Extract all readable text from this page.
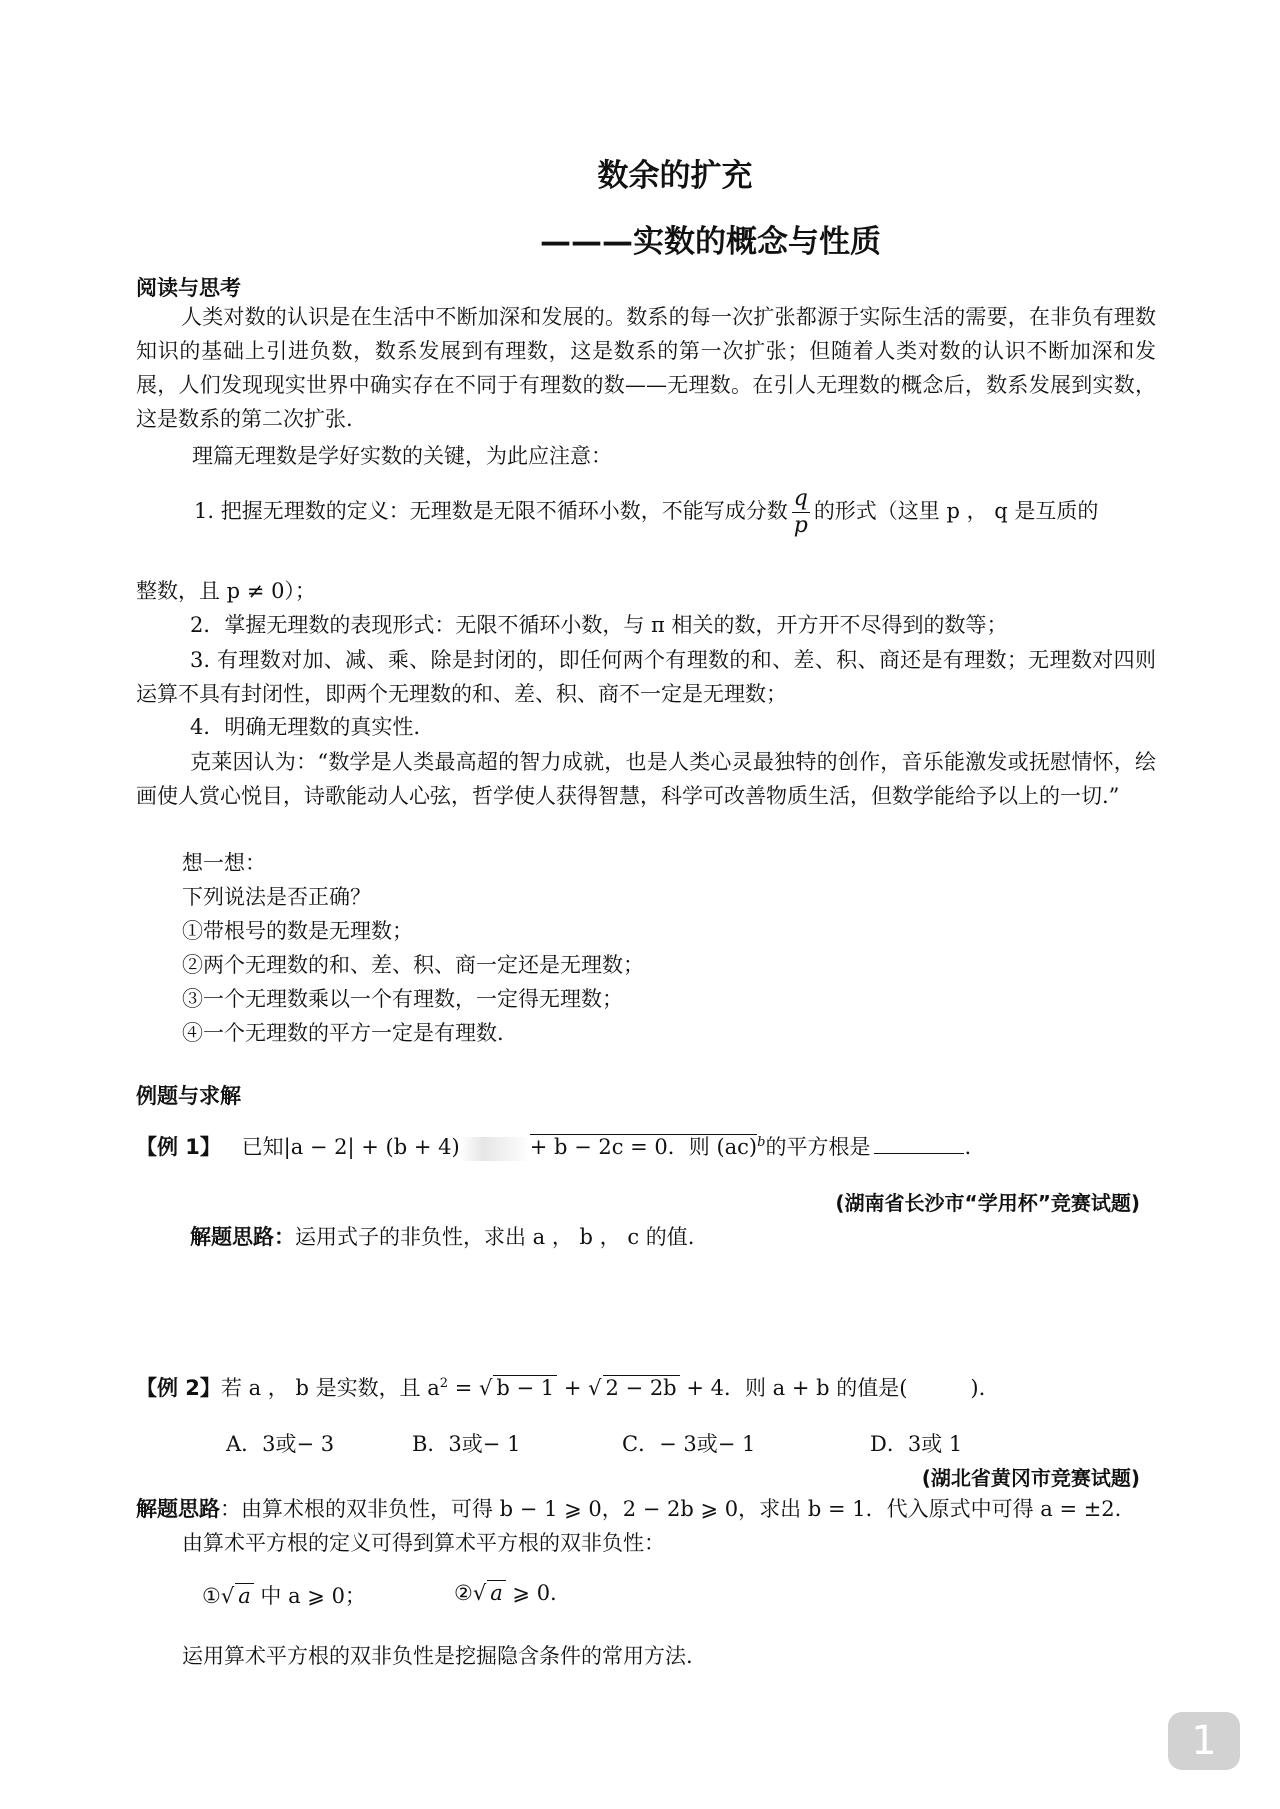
数余的扩充
———实数的概念与性质
阅读与思考
人类对数的认识是在生活中不断加深和发展的。数系的每一次扩张都源于实际生活的需要，在非负有理数知识的基础上引进负数，数系发展到有理数，这是数系的第一次扩张；但随着人类对数的认识不断加深和发展，人们发现现实世界中确实存在不同于有理数的数——无理数。在引人无理数的概念后，数系发展到实数，这是数系的第二次扩张.
理篇无理数是学好实数的关键，为此应注意：
1. 把握无理数的定义：无理数是无限不循环小数，不能写成分数 $\frac{q}{p}$ 的形式（这里 p ， q 是互质的
整数，且 p ≠ 0）；
2．掌握无理数的表现形式：无限不循环小数，与 π 相关的数，开方开不尽得到的数等；
3. 有理数对加、减、乘、除是封闭的，即任何两个有理数的和、差、积、商还是有理数；无理数对四则运算不具有封闭性，即两个无理数的和、差、积、商不一定是无理数；
4．明确无理数的真实性.
克莱因认为：“数学是人类最高超的智力成就，也是人类心灵最独特的创作，音乐能激发或抚慰情怀，绘画使人赏心悦目，诗歌能动人心弦，哲学使人获得智慧，科学可改善物质生活，但数学能给予以上的一切.”
想一想：
下列说法是否正确？
①带根号的数是无理数；
②两个无理数的和、差、积、商一定还是无理数；
③一个无理数乘以一个有理数，一定得无理数；
④一个无理数的平方一定是有理数.
例题与求解
【例 1】 已知|a − 2| + (b + 4)	+ b − 2c = 0．则 (ac)$^b$的平方根是	.
(湖南省长沙市“学用杯”竞赛试题)
解题思路：运用式子的非负性，求出 a ， b ， c 的值.
【例 2】若 a ， b 是实数，且 $a^2$ = √ b − 1 + √ 2 − 2b + 4．则 a + b 的值是(　　　).
A．3或− 3	B．3或− 1	C．− 3或− 1	D．3或 1
(湖北省黄冈市竞赛试题)
解题思路：由算术根的双非负性，可得 b − 1 ⩾ 0，2 − 2b ⩾ 0，求出 b = 1．代入原式中可得 a = ±2.
由算术平方根的定义可得到算术平方根的双非负性：
①√ a 中 a ⩾ 0；	②√ a ⩾ 0.
运用算术平方根的双非负性是挖掘隐含条件的常用方法.
1
